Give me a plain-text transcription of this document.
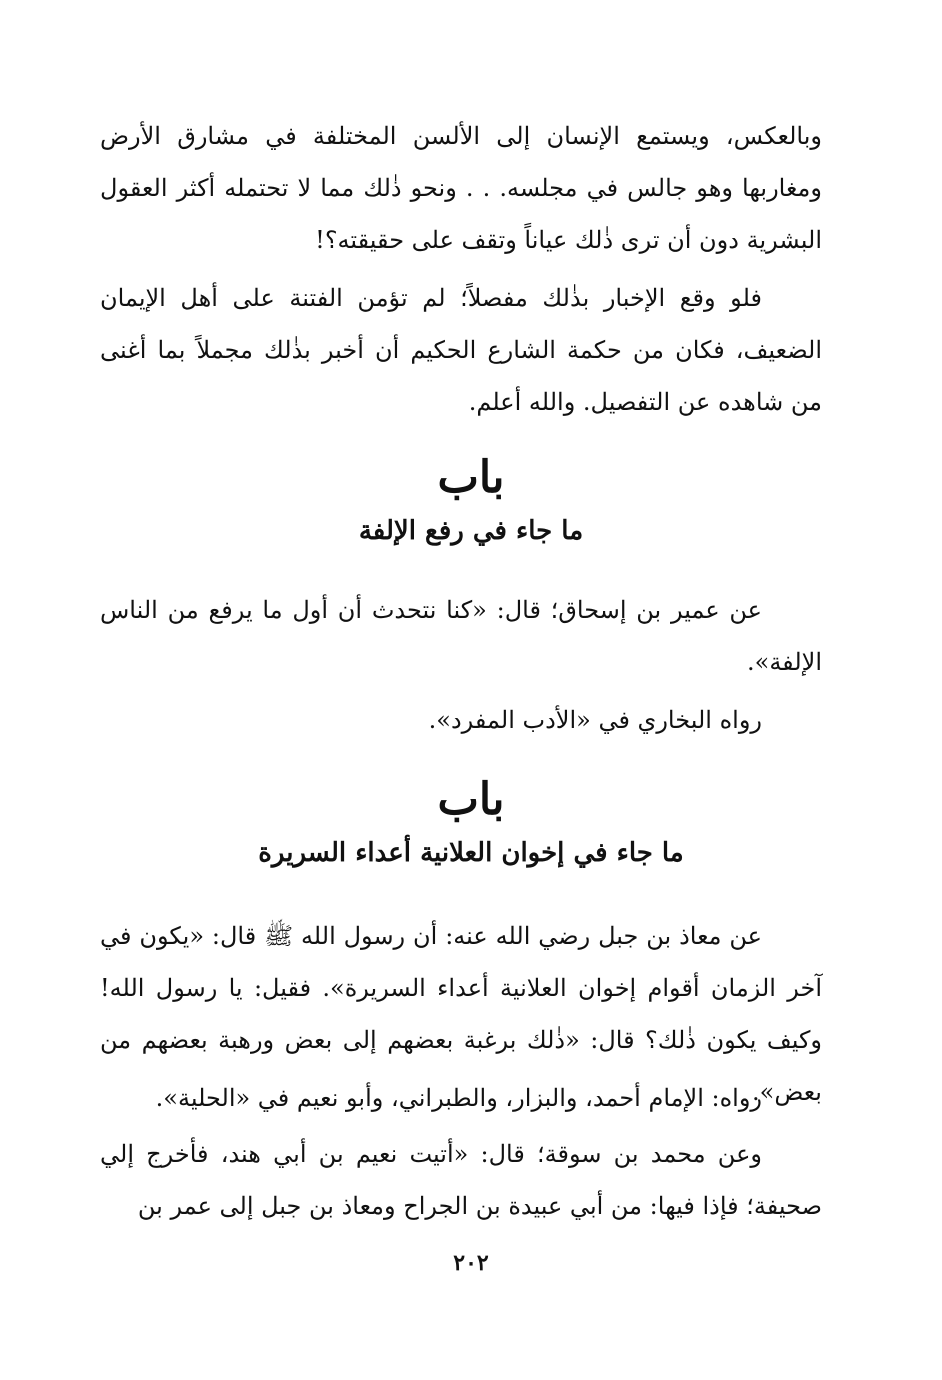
وبالعكس، ويستمع الإنسان إلى الألسن المختلفة في مشارق الأرض ومغاربها وهو جالس في مجلسه. . . ونحو ذٰلك مما لا تحتمله أكثر العقول البشرية دون أن ترى ذٰلك عياناً وتقف على حقيقته؟!

فلو وقع الإخبار بذٰلك مفصلاً؛ لم تؤمن الفتنة على أهل الإيمان الضعيف، فكان من حكمة الشارع الحكيم أن أخبر بذٰلك مجملاً بما أغنى من شاهده عن التفصيل. والله أعلم.

باب

ما جاء في رفع الإلفة

عن عمير بن إسحاق؛ قال: «كنا نتحدث أن أول ما يرفع من الناس الإلفة».

رواه البخاري في «الأدب المفرد».

باب

ما جاء في إخوان العلانية أعداء السريرة

عن معاذ بن جبل رضي الله عنه: أن رسول الله ﷺ قال: «يكون في آخر الزمان أقوام إخوان العلانية أعداء السريرة». فقيل: يا رسول الله! وكيف يكون ذٰلك؟ قال: «ذٰلك برغبة بعضهم إلى بعض ورهبة بعضهم من بعض».

رواه: الإمام أحمد، والبزار، والطبراني، وأبو نعيم في «الحلية».

وعن محمد بن سوقة؛ قال: «أتيت نعيم بن أبي هند، فأخرج إلي صحيفة؛ فإذا فيها: من أبي عبيدة بن الجراح ومعاذ بن جبل إلى عمر بن

٢٠٢
